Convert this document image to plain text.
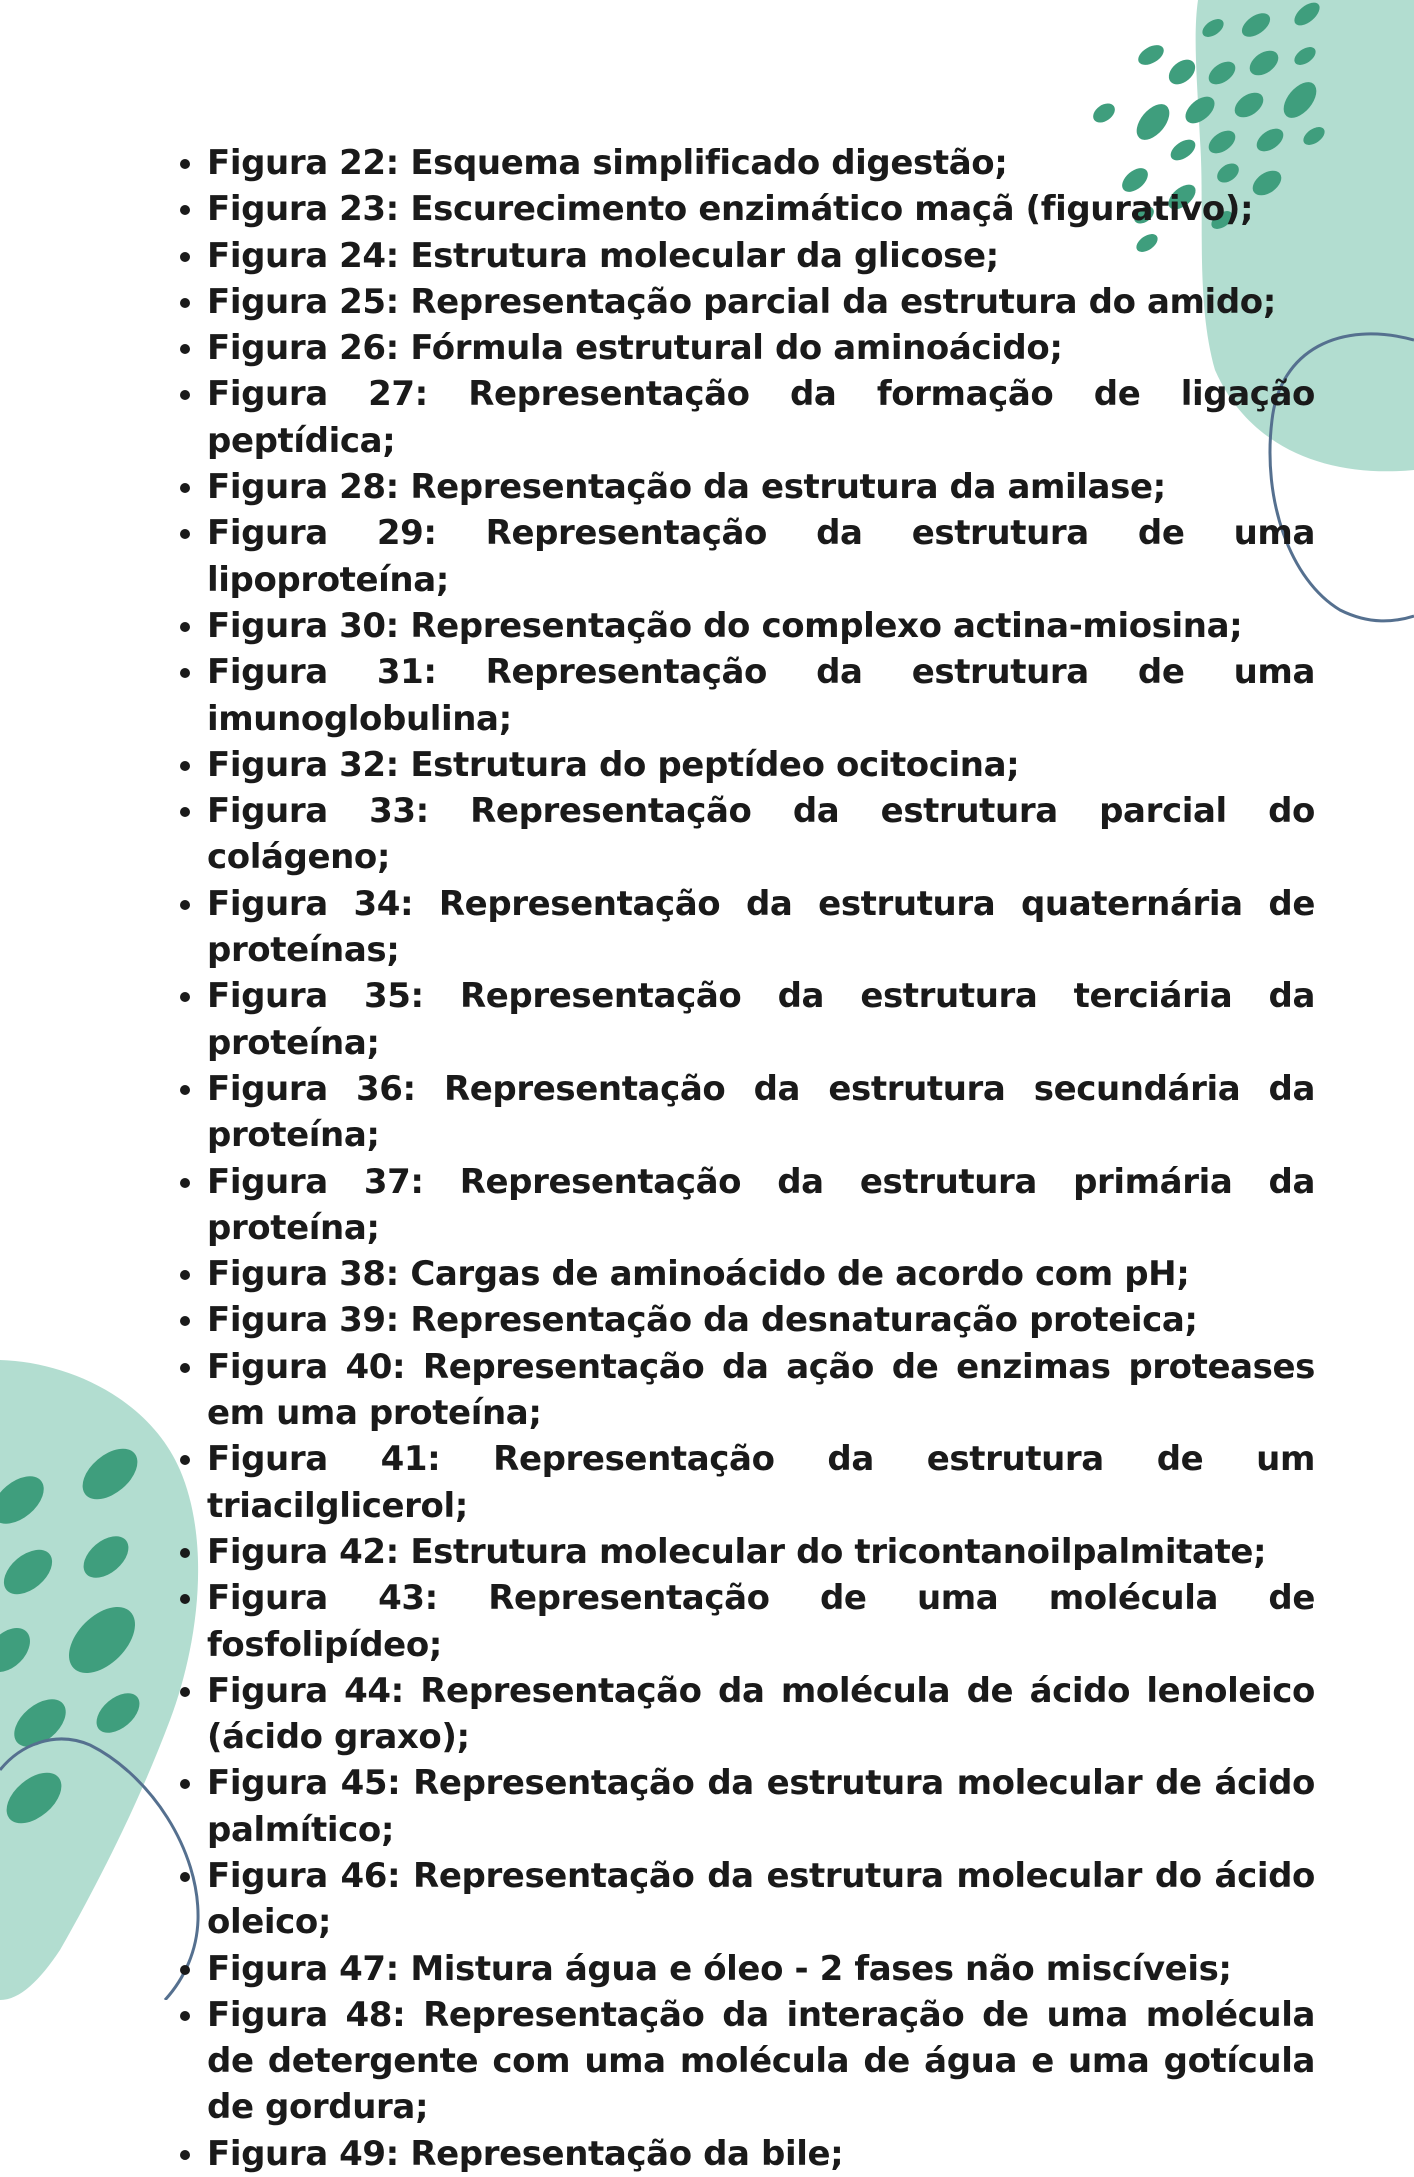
• Figura 22: Esquema simplificado digestão;
• Figura 23: Escurecimento enzimático maçã (figurativo);
• Figura 24: Estrutura molecular da glicose;
• Figura 25: Representação parcial da estrutura do amido;
• Figura 26: Fórmula estrutural do aminoácido;
• Figura 27: Representação da formação de ligação peptídica;
• Figura 28: Representação da estrutura da amilase;
• Figura 29: Representação da estrutura de uma lipoproteína;
• Figura 30: Representação do complexo actina-miosina;
• Figura 31: Representação da estrutura de uma imunoglobulina;
• Figura 32: Estrutura do peptídeo ocitocina;
• Figura 33: Representação da estrutura parcial do colágeno;
• Figura 34: Representação da estrutura quaternária de proteínas;
• Figura 35: Representação da estrutura terciária da proteína;
• Figura 36: Representação da estrutura secundária da proteína;
• Figura 37: Representação da estrutura primária da proteína;
• Figura 38: Cargas de aminoácido de acordo com pH;
• Figura 39: Representação da desnaturação proteica;
• Figura 40: Representação da ação de enzimas proteases em uma proteína;
• Figura 41: Representação da estrutura de um triacilglicerol;
• Figura 42: Estrutura molecular do tricontanoilpalmitate;
• Figura 43: Representação de uma molécula de fosfolipídeo;
• Figura 44: Representação da molécula de ácido lenoleico (ácido graxo);
• Figura 45: Representação da estrutura molecular de ácido palmítico;
• Figura 46: Representação da estrutura molecular do ácido oleico;
• Figura 47: Mistura água e óleo - 2 fases não miscíveis;
• Figura 48: Representação da interação de uma molécula de detergente com uma molécula de água e uma gotícula de gordura;
• Figura 49: Representação da bile;
